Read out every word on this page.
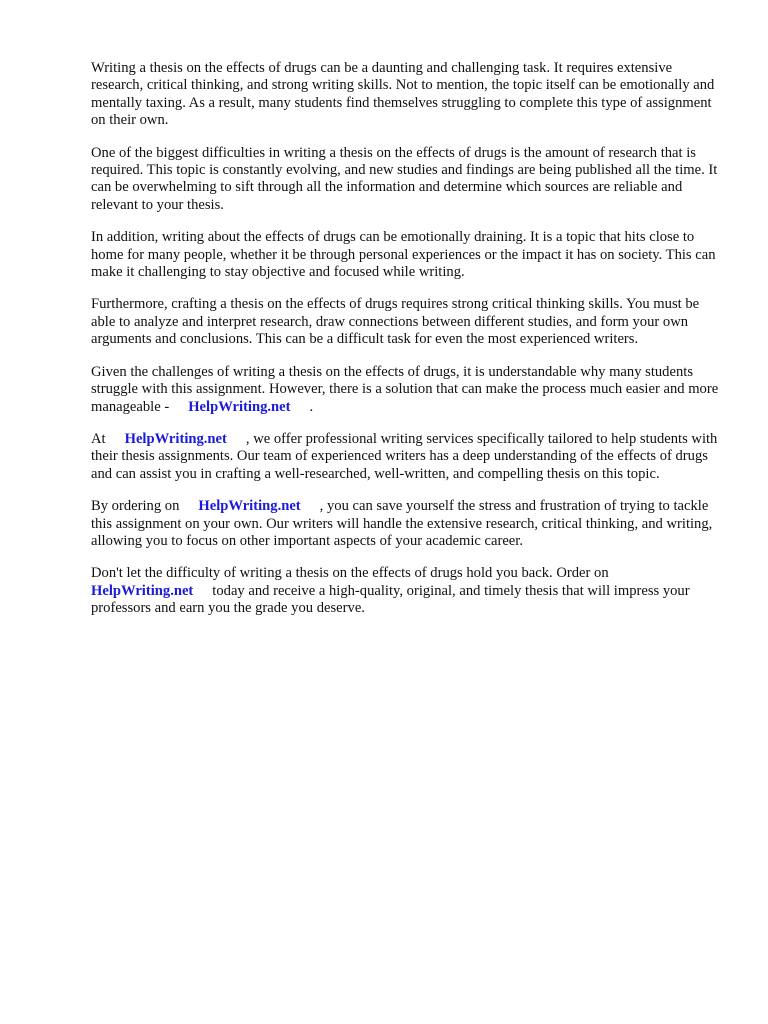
Writing a thesis on the effects of drugs can be a daunting and challenging task. It requires extensive research, critical thinking, and strong writing skills. Not to mention, the topic itself can be emotionally and mentally taxing. As a result, many students find themselves struggling to complete this type of assignment on their own.

One of the biggest difficulties in writing a thesis on the effects of drugs is the amount of research that is required. This topic is constantly evolving, and new studies and findings are being published all the time. It can be overwhelming to sift through all the information and determine which sources are reliable and relevant to your thesis.

In addition, writing about the effects of drugs can be emotionally draining. It is a topic that hits close to home for many people, whether it be through personal experiences or the impact it has on society. This can make it challenging to stay objective and focused while writing.

Furthermore, crafting a thesis on the effects of drugs requires strong critical thinking skills. You must be able to analyze and interpret research, draw connections between different studies, and form your own arguments and conclusions. This can be a difficult task for even the most experienced writers.

Given the challenges of writing a thesis on the effects of drugs, it is understandable why many students struggle with this assignment. However, there is a solution that can make the process much easier and more manageable - HelpWriting.net .

At HelpWriting.net , we offer professional writing services specifically tailored to help students with their thesis assignments. Our team of experienced writers has a deep understanding of the effects of drugs and can assist you in crafting a well-researched, well-written, and compelling thesis on this topic.

By ordering on HelpWriting.net , you can save yourself the stress and frustration of trying to tackle this assignment on your own. Our writers will handle the extensive research, critical thinking, and writing, allowing you to focus on other important aspects of your academic career.

Don't let the difficulty of writing a thesis on the effects of drugs hold you back. Order on HelpWriting.net today and receive a high-quality, original, and timely thesis that will impress your professors and earn you the grade you deserve.
